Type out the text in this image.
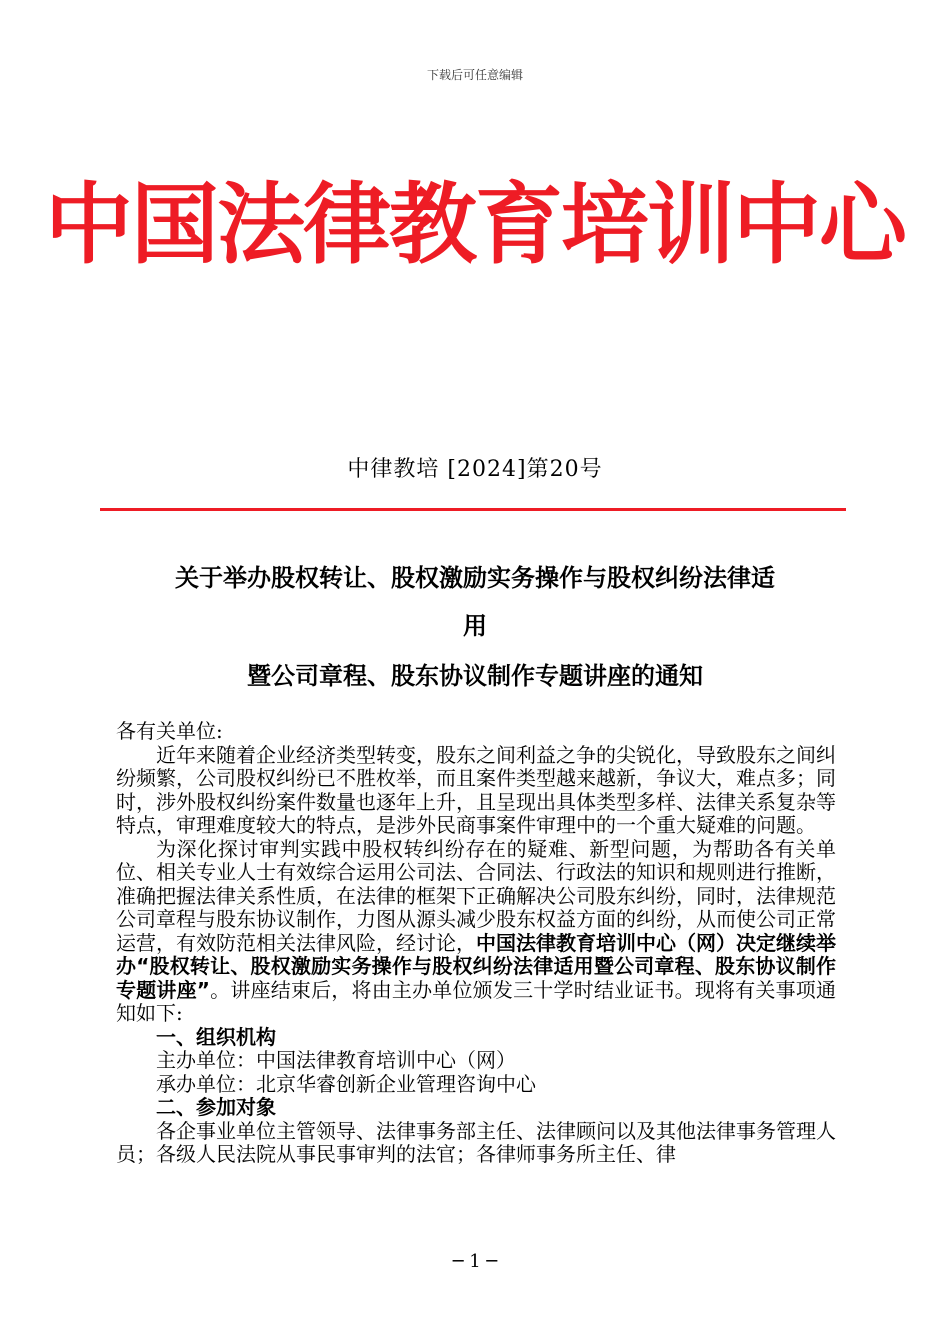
下载后可任意编辑
中国法律教育培训中心
中律教培 [2024]第20号
关于举办股权转让、股权激励实务操作与股权纠纷法律适
用
暨公司章程、股东协议制作专题讲座的通知

各有关单位:

近年来随着企业经济类型转变，股东之间利益之争的尖锐化，导致股东之间纠纷频繁，公司股权纠纷已不胜枚举，而且案件类型越来越新，争议大，难点多；同时，涉外股权纠纷案件数量也逐年上升，且呈现出具体类型多样、法律关系复杂等特点，审理难度较大的特点，是涉外民商事案件审理中的一个重大疑难的问题。

为深化探讨审判实践中股权转纠纷存在的疑难、新型问题，为帮助各有关单位、相关专业人士有效综合运用公司法、合同法、行政法的知识和规则进行推断，准确把握法律关系性质，在法律的框架下正确解决公司股东纠纷，同时，法律规范公司章程与股东协议制作，力图从源头减少股东权益方面的纠纷，从而使公司正常运营，有效防范相关法律风险，经讨论，中国法律教育培训中心（网）决定继续举办“股权转让、股权激励实务操作与股权纠纷法律适用暨公司章程、股东协议制作专题讲座”。讲座结束后，将由主办单位颁发三十学时结业证书。现将有关事项通知如下:

一、组织机构

主办单位：中国法律教育培训中心（网）

承办单位：北京华睿创新企业管理咨询中心

二、参加对象

各企事业单位主管领导、法律事务部主任、法律顾问以及其他法律事务管理人员；各级人民法院从事民事审判的法官；各律师事务所主任、律

─ 1 ─
